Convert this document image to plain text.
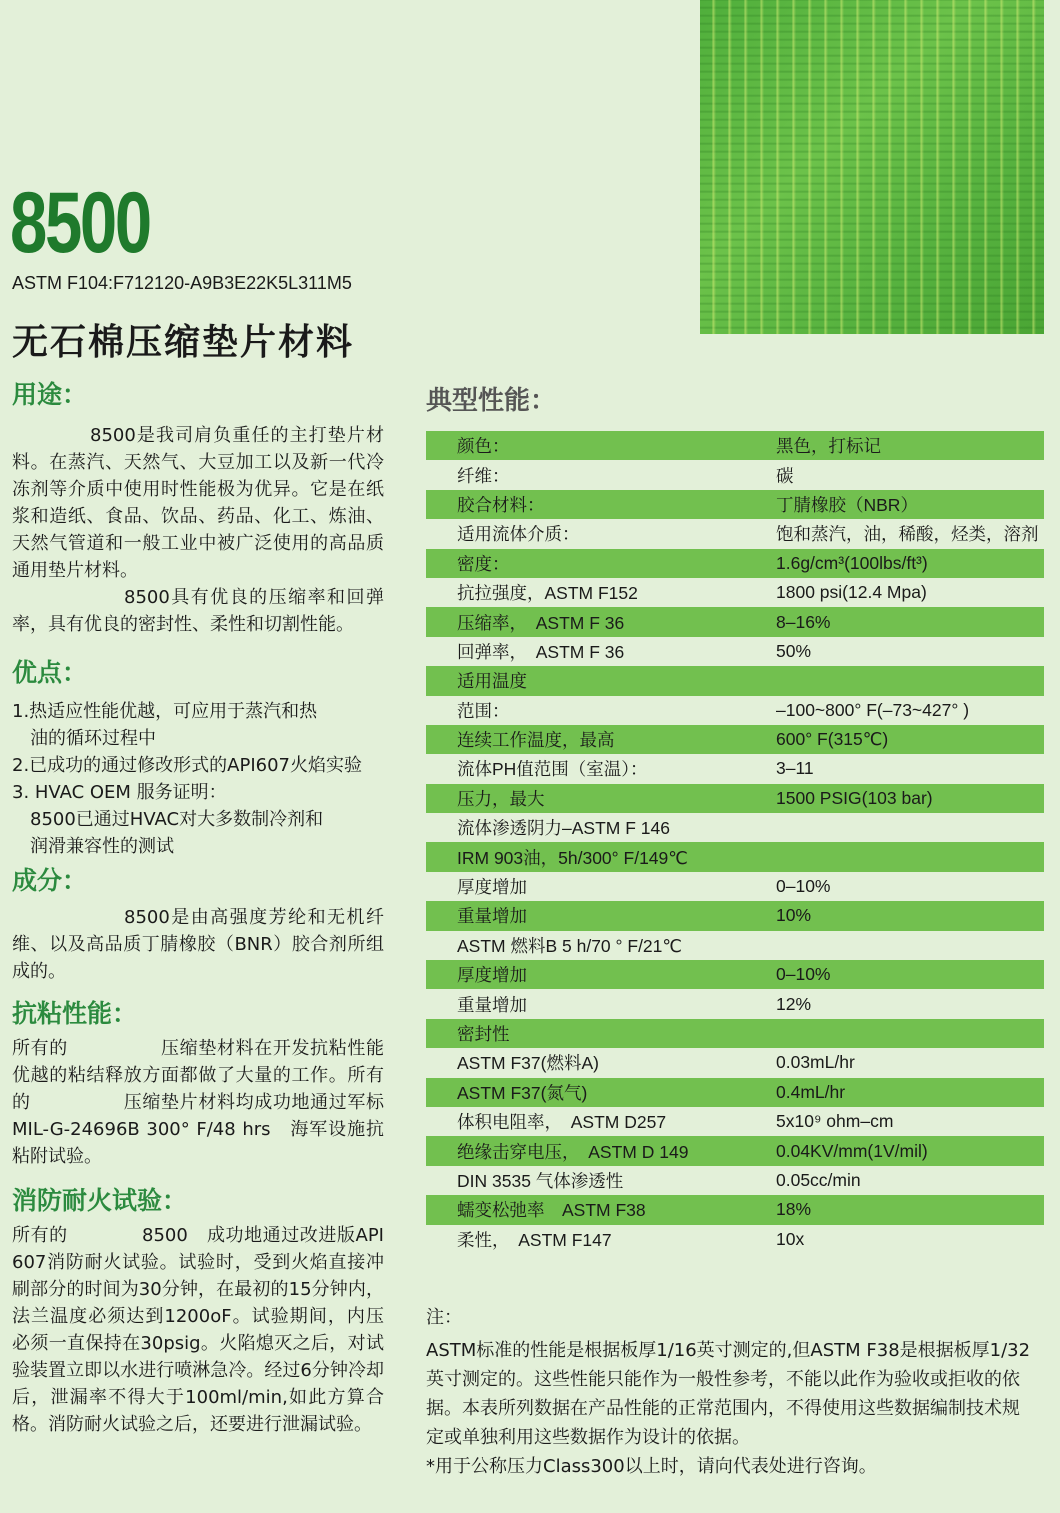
8500
ASTM F104:F712120-A9B3E22K5L311M5
无石棉压缩垫片材料
用途：

8500是我司肩负重任的主打垫片材料。在蒸汽、天然气、大豆加工以及新一代冷冻剂等介质中使用时性能极为优异。它是在纸浆和造纸、食品、饮品、药品、化工、炼油、天然气管道和一般工业中被广泛使用的高品质通用垫片材料。

8500具有优良的压缩率和回弹率，具有优良的密封性、柔性和切割性能。

优点：

1.热适应性能优越，可应用于蒸汽和热

油的循环过程中

2.已成功的通过修改形式的API607火焰实验

3. HVAC OEM 服务证明：

8500已通过HVAC对大多数制冷剂和

润滑兼容性的测试

成分：

8500是由高强度芳纶和无机纤维、以及高品质丁腈橡胶（BNR）胶合剂所组成的。

抗粘性能：

所有的　　　　　压缩垫材料在开发抗粘性能优越的粘结释放方面都做了大量的工作。所有的　　　　　压缩垫片材料均成功地通过军标MIL-G-24696B 300° F/48 hrs　海军设施抗粘附试验。

消防耐火试验：

所有的　　　　8500　成功地通过改进版API 607消防耐火试验。试验时，受到火焰直接冲刷部分的时间为30分钟，在最初的15分钟内，法兰温度必须达到1200oF。试验期间，内压必须一直保持在30psig。火陷熄灭之后，对试验装置立即以水进行喷淋急冷。经过6分钟冷却后，泄漏率不得大于100ml/min,如此方算合格。消防耐火试验之后，还要进行泄漏试验。

典型性能：
颜色：	黑色，打标记
纤维：	碳
胶合材料：	丁腈橡胶（NBR）
适用流体介质：	饱和蒸汽，油，稀酸，烃类，溶剂
密度：	1.6g/cm³(100lbs/ft³)
抗拉强度，ASTM F152	1800 psi(12.4 Mpa)
压缩率，　ASTM F 36	8–16%
回弹率，　ASTM F 36	50%
适用温度	
范围：	–100~800° F(–73~427° )
连续工作温度，最高	600° F(315℃)
流体PH值范围（室温）：	3–11
压力，最大	1500 PSIG(103 bar)
流体渗透阴力–ASTM F 146	
IRM 903油，5h/300° F/149℃	
厚度增加	0–10%
重量增加	10%
ASTM 燃料B 5 h/70 ° F/21℃	
厚度增加	0–10%
重量增加	12%
密封性	
ASTM F37(燃料A)	0.03mL/hr
ASTM F37(氮气)	0.4mL/hr
体积电阻率，　ASTM D257	5x10⁹ ohm–cm
绝缘击穿电压，　ASTM D 149	0.04KV/mm(1V/mil)
DIN 3535 气体渗透性	0.05cc/min
蠕变松弛率　ASTM F38	18%
柔性，　ASTM F147	10x

注：

ASTM标准的性能是根据板厚1/16英寸测定的,但ASTM F38是根据板厚1/32英寸测定的。这些性能只能作为一般性参考，不能以此作为验收或拒收的依据。本表所列数据在产品性能的正常范围内，不得使用这些数据编制技术规定或单独利用这些数据作为设计的依据。

*用于公称压力Class300以上时，请向代表处进行咨询。
